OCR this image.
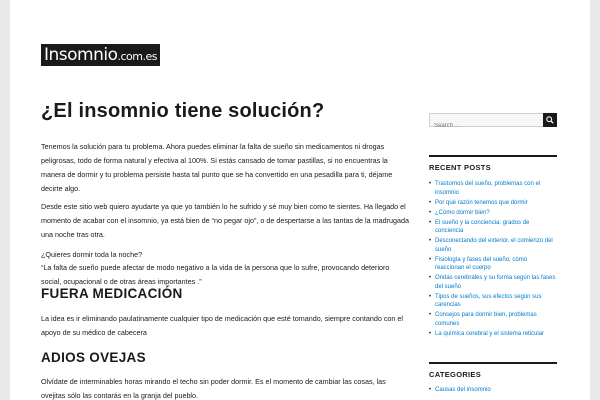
Insomnio .com.es
¿El insomnio tiene solución?

Tenemos la solución para tu problema. Ahora puedes eliminar la falta de sueño sin medicamentos ni drogas peligrosas, todo de forma natural y efectiva al 100%. Si estás cansado de tomar pastillas, si no encuentras la manera de dormir y tu problema persiste hasta tal punto que se ha convertido en una pesadilla para ti, déjame decirte algo.

Desde este sitio web quiero ayudarte ya que yo también lo he sufrido y sé muy bien como te sientes. Ha llegado el momento de acabar con el insomnio, ya está bien de “no pegar ojo”, o de despertarse a las tantas de la madrugada una noche tras otra.

¿Quieres dormir toda la noche?

“La falta de sueño puede afectar de modo negativo a la vida de la persona que lo sufre, provocando deterioro social, ocupacional o de otras áreas importantes .”

FUERA MEDICACIÓN

La idea es ir eliminando paulatinamente cualquier tipo de medicación que esté tomando, siempre contando con el apoyo de su médico de cabecera

ADIOS OVEJAS

Olvídate de interminables horas mirando el techo sin poder dormir. Es el momento de cambiar las cosas, las ovejitas sólo las contarás en la granja del pueblo.

Search …
RECENT POSTS
• Trastornos del sueño, problemas con el insomnio
• Por qué razón tenemos que dormir
• ¿Cómo dormir bien?
• El sueño y la conciencia: grados de conciencia
• Desconectando del exterior, el comienzo del sueño
• Fisiología y fases del sueño; cómo reaccionan el cuerpo
• Ondas cerebrales y su forma según las fases del sueño
• Tipos de sueños, sus efectos según sus carencias
• Consejos para dormir bien, problemas comunes
• La química cerebral y el sistema reticular
CATEGORIES
• Causas del insomnio
